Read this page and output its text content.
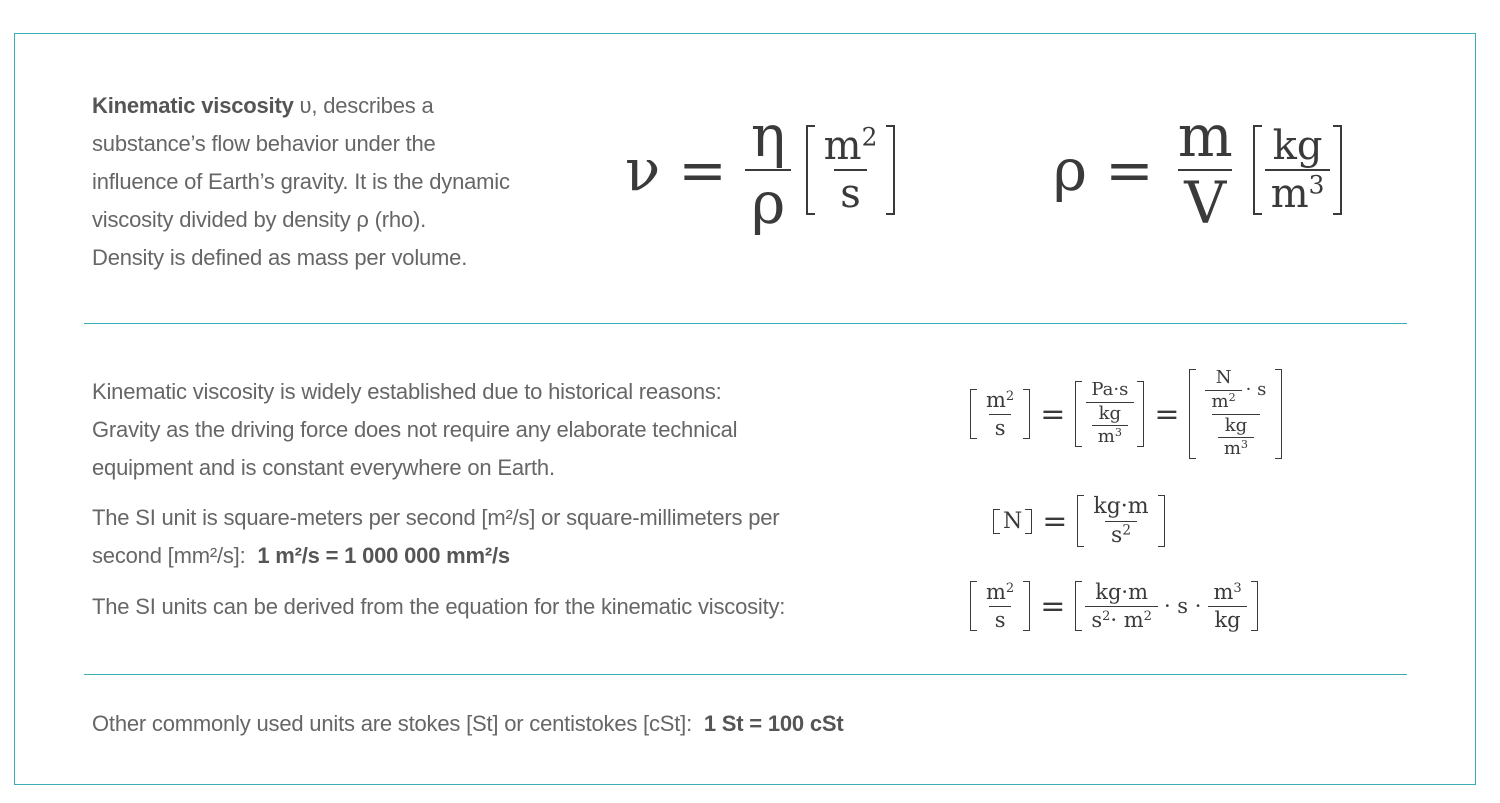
Kinematic viscosity υ, describes a
substance’s flow behavior under the
influence of Earth’s gravity. It is the dynamic
viscosity divided by density ρ (rho).
Density is defined as mass per volume.
$\nu = \frac{\eta}{\rho} \frac{m^2}{s}$	$\rho = \frac{m}{V} \frac{kg}{m^3}$
Kinematic viscosity is widely established due to historical reasons:
Gravity as the driving force does not require any elaborate technical
equipment and is constant everywhere on Earth.
The SI unit is square-meters per second [m²/s] or square-millimeters per
second [mm²/s]: 1 m²/s = 1 000 000 mm²/s
The SI units can be derived from the equation for the kinematic viscosity:
$\frac{m^2}{s} = \frac{Pa\cdot s}{\frac{kg}{m^3}} = \frac{\frac{N}{m^2} \cdot s}{\frac{kg}{m^3}}$
$N = \frac{kg\cdot m}{s^2}$
$\frac{m^2}{s} = \frac{kg\cdot m}{s^2\cdot m^2} \cdot s \cdot \frac{m^3}{kg}$
Other commonly used units are stokes [St] or centistokes [cSt]: 1 St = 100 cSt
